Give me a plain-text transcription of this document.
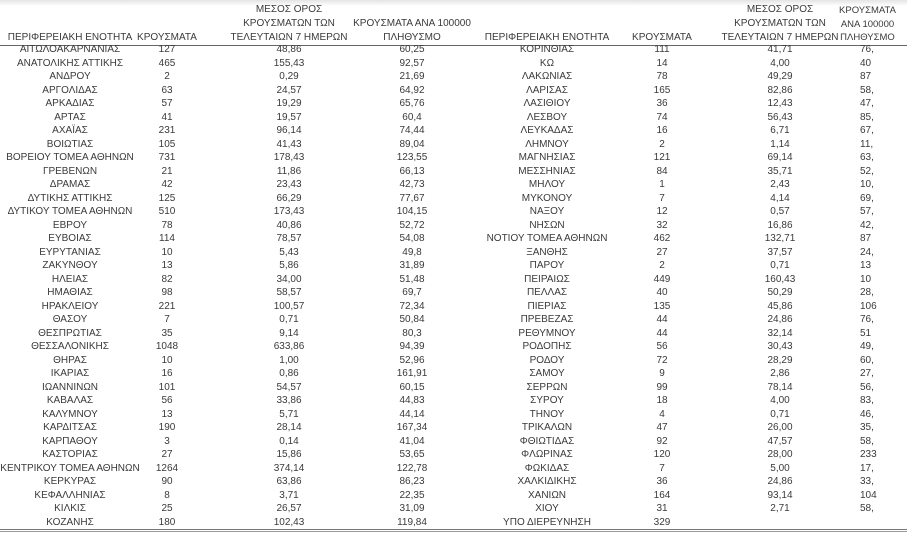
ΠΕΡΙΦΕΡΕΙΑΚΗ ΕΝΟΤΗΤΑ ΚΡΟΥΣΜΑΤΑ
ΜΕΣΟΣ ΟΡΟΣ
ΚΡΟΥΣΜΑΤΩΝ ΤΩΝ
ΤΕΛΕΥΤΑΙΩΝ 7 ΗΜΕΡΩΝ
ΚΡΟΥΣΜΑΤΑ ΑΝΑ 100000
ΠΛΗΘΥΣΜΟ	ΠΕΡΙΦΕΡΕΙΑΚΗ ΕΝΟΤΗΤΑ ΚΡΟΥΣΜΑΤΑ
ΜΕΣΟΣ ΟΡΟΣ
ΚΡΟΥΣΜΑΤΩΝ ΤΩΝ
ΤΕΛΕΥΤΑΙΩΝ 7 ΗΜΕΡΩΝ
ΚΡΟΥΣΜΑΤΑ ΑΝΑ 100000
ΠΛΗΘΥΣΜΟ
ΑΙΤΩΛΟΑΚΑΡΝΑΝΙΑΣ	127	48,86	60,25
ΑΝΑΤΟΛΙΚΗΣ ΑΤΤΙΚΗΣ	465	155,43	92,57
ΑΝΔΡΟΥ	2	0,29	21,69
ΑΡΓΟΛΙΔΑΣ	63	24,57	64,92
ΑΡΚΑΔΙΑΣ	57	19,29	65,76
ΑΡΤΑΣ	41	19,57	60,4
ΑΧΑΪΑΣ	231	96,14	74,44
ΒΟΙΩΤΙΑΣ	105	41,43	89,04
ΒΟΡΕΙΟΥ ΤΟΜΕΑ ΑΘΗΝΩΝ 731	178,43	123,55
ΓΡΕΒΕΝΩΝ	21	11,86	66,13
ΔΡΑΜΑΣ	42	23,43	42,73
ΔΥΤΙΚΗΣ ΑΤΤΙΚΗΣ	125	66,29	77,67
ΔΥΤΙΚΟΥ ΤΟΜΕΑ ΑΘΗΝΩΝ	510	173,43	104,15
ΕΒΡΟΥ	78	40,86	52,72
ΕΥΒΟΙΑΣ	114	78,57	54,08
ΕΥΡΥΤΑΝΙΑΣ	10	5,43	49,8
ΖΑΚΥΝΘΟΥ	13	5,86	31,89
ΗΛΕΙΑΣ	82	34,00	51,48
ΗΜΑΘΙΑΣ	98	58,57	69,7
ΗΡΑΚΛΕΙΟΥ	221	100,57	72,34
ΘΑΣΟΥ	7	0,71	50,84
ΘΕΣΠΡΩΤΙΑΣ	35	9,14	80,3
ΘΕΣΣΑΛΟΝΙΚΗΣ	1048	633,86	94,39
ΘΗΡΑΣ	10	1,00	52,96
ΙΚΑΡΙΑΣ	16	0,86	161,91
ΙΩΑΝΝΙΝΩΝ	101	54,57	60,15
ΚΑΒΑΛΑΣ	56	33,86	44,83
ΚΑΛΥΜΝΟΥ	13	5,71	44,14
ΚΑΡΔΙΤΣΑΣ	190	28,14	167,34
ΚΑΡΠΑΘΟΥ	3	0,14	41,04
ΚΑΣΤΟΡΙΑΣ	27	15,86	53,65
ΚΕΝΤΡΙΚΟΥ ΤΟΜΕΑ ΑΘΗΝΩΝ 1264	374,14	122,78
ΚΕΡΚΥΡΑΣ	90	63,86	86,23
ΚΕΦΑΛΛΗΝΙΑΣ	8	3,71	22,35
ΚΙΛΚΙΣ	25	26,57	31,09
ΚΟΖΑΝΗΣ	180	102,43	119,84
ΚΟΡΙΝΘΙΑΣ	111	41,71	76,
ΚΩ	14	4,00	40
ΛΑΚΩΝΙΑΣ	78	49,29	87
ΛΑΡΙΣΑΣ	165	82,86	58,
ΛΑΣΙΘΙΟΥ	36	12,43	47,
ΛΕΣΒΟΥ	74	56,43	85,
ΛΕΥΚΑΔΑΣ	16	6,71	67,
ΛΗΜΝΟΥ	2	1,14	11,
ΜΑΓΝΗΣΙΑΣ	121	69,14	63,
ΜΕΣΣΗΝΙΑΣ	84	35,71	52,
ΜΗΛΟΥ	1	2,43	10,
ΜΥΚΟΝΟΥ	7	4,14	69,
ΝΑΞΟΥ	12	0,57	57,
ΝΗΣΩΝ	32	16,86	42,
ΝΟΤΙΟΥ ΤΟΜΕΑ ΑΘΗΝΩΝ	462	132,71	87
ΞΑΝΘΗΣ	27	37,57	24,
ΠΑΡΟΥ	2	0,71	13
ΠΕΙΡΑΙΩΣ	449	160,43	10
ΠΕΛΛΑΣ	40	50,29	28,
ΠΙΕΡΙΑΣ	135	45,86	106
ΠΡΕΒΕΖΑΣ	44	24,86	76,
ΡΕΘΥΜΝΟΥ	44	32,14	51
ΡΟΔΟΠΗΣ	56	30,43	49,
ΡΟΔΟΥ	72	28,29	60,
ΣΑΜΟΥ	9	2,86	27,
ΣΕΡΡΩΝ	99	78,14	56,
ΣΥΡΟΥ	18	4,00	83,
ΤΗΝΟΥ	4	0,71	46,
ΤΡΙΚΑΛΩΝ	47	26,00	35,
ΦΘΙΩΤΙΔΑΣ	92	47,57	58,
ΦΛΩΡΙΝΑΣ	120	28,00	233
ΦΩΚΙΔΑΣ	7	5,00	17,
ΧΑΛΚΙΔΙΚΗΣ	36	24,86	33,
ΧΑΝΙΩΝ	164	93,14	104
ΧΙΟΥ	31	2,71	58,
ΥΠΟ ΔΙΕΡΕΥΝΗΣΗ	329
